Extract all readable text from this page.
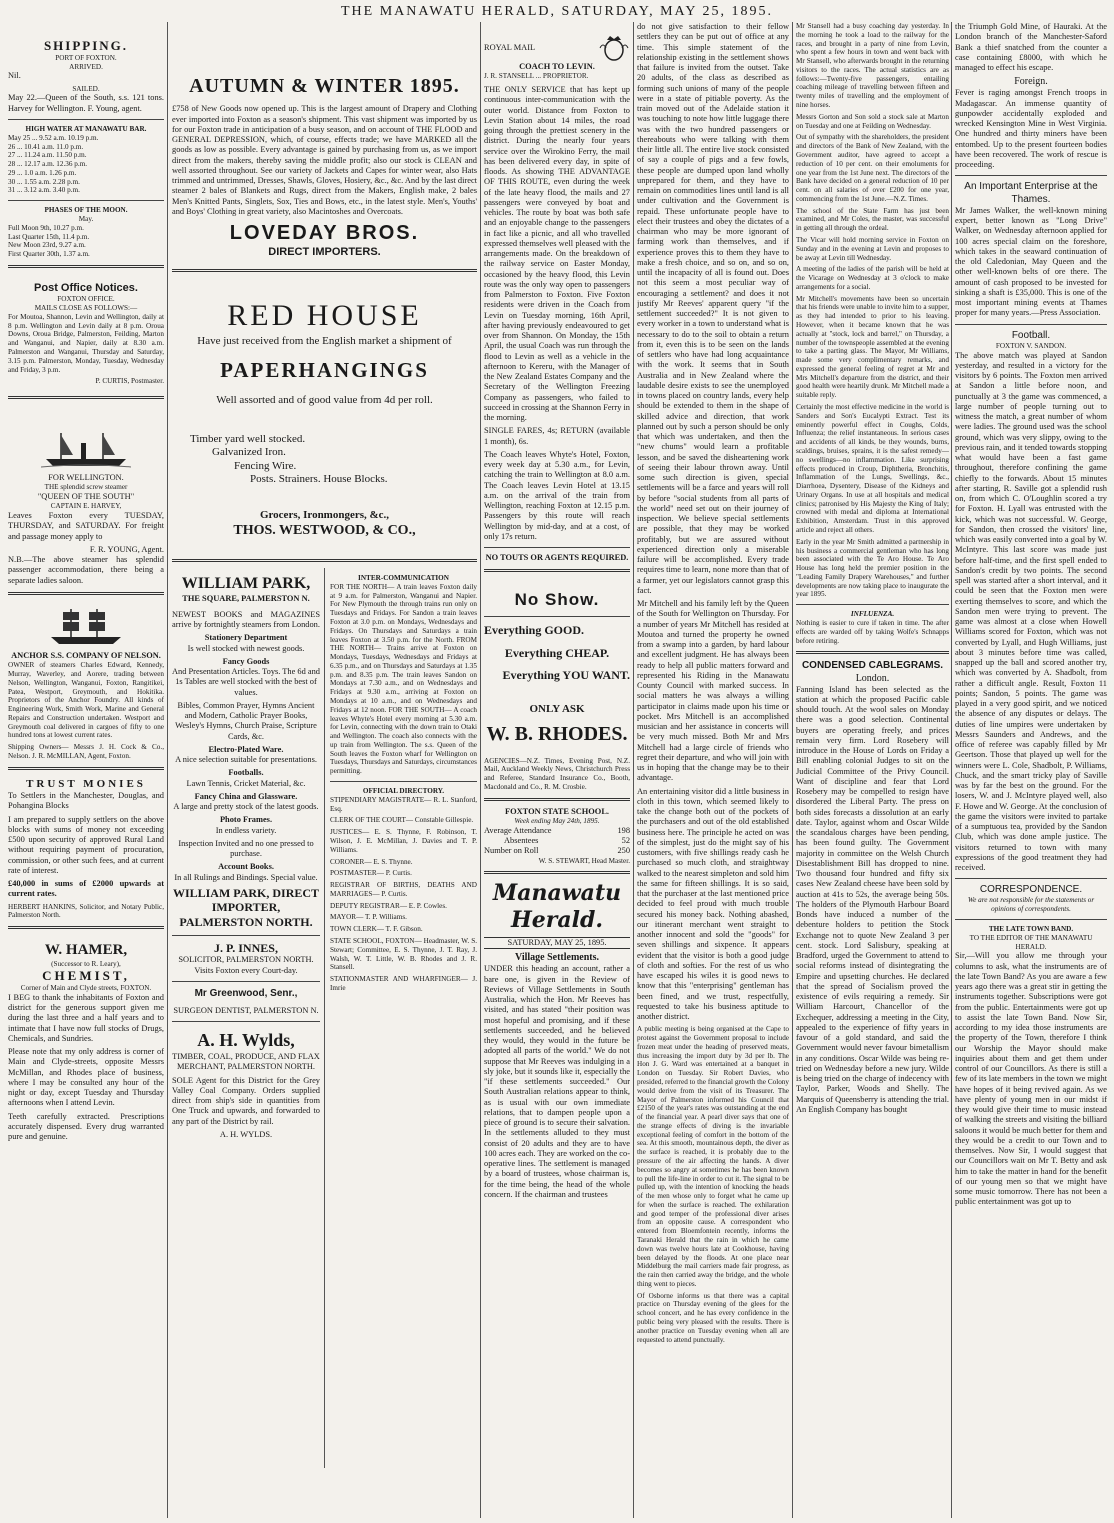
THE MANAWATU HERALD, SATURDAY, MAY 25, 1895.
SHIPPING.
PORT OF FOXTON.
ARRIVED.

Nil.

SAILED.

May 22.—Queen of the South, s.s. 121 tons. Harvey for Wellington. F. Young, agent.

HIGH WATER AT MANAWATU BAR.
May 25 ... 9.52 a.m. 10.19 p.m.
26 ... 10.41 a.m. 11.0 p.m.
27 ... 11.24 a.m. 11.50 p.m.
28 ... 12.17 a.m. 12.36 p.m.
29 ... 1.0 a.m. 1.26 p.m.
30 ... 1.55 a.m. 2.28 p.m.
31 ... 3.12 a.m. 3.40 p.m.
PHASES OF THE MOON.
May.
Full Moon 9th, 10.27 p.m.
Last Quarter 15th, 11.4 p.m.
New Moon 23rd, 9.27 a.m.
First Quarter 30th, 1.37 a.m.
Post Office Notices.
FOXTON OFFICE.
MAILS CLOSE AS FOLLOWS:—

For Moutoa, Shannon, Levin and Wellington, daily at 8 p.m. Wellington and Levin daily at 8 p.m. Oroua Downs, Oroua Bridge, Palmerston, Feilding, Marton and Wanganui, and Napier, daily at 8.30 a.m. Palmerston and Wanganui, Thursday and Saturday, 3.15 p.m. Palmerston, Monday, Tuesday, Wednesday and Friday, 3 p.m.

P. CURTIS, Postmaster.
FOR WELLINGTON.
THE splendid screw steamer
"QUEEN OF THE SOUTH"
CAPTAIN E. HARVEY,

Leaves Foxton every TUESDAY, THURSDAY, and SATURDAY. For freight and passage money apply to

F. R. YOUNG, Agent.

N.B.—The above steamer has splendid passenger accommodation, there being a separate ladies saloon.

ANCHOR S.S. COMPANY OF NELSON.

OWNER of steamers Charles Edward, Kennedy, Murray, Waverley, and Aorere, trading between Nelson, Wellington, Wanganui, Foxton, Rangitikei, Patea, Westport, Greymouth, and Hokitika. Proprietors of the Anchor Foundry. All kinds of Engineering Work, Smith Work, Marine and General Repairs and Construction undertaken. Westport and Greymouth coal delivered in cargoes of fifty to one hundred tons at lowest current rates.

Shipping Owners— Messrs J. H. Cock & Co., Nelson. J. R. McMILLAN, Agent, Foxton.

TRUST MONIES

To Settlers in the Manchester, Douglas, and Pohangina Blocks

I am prepared to supply settlers on the above blocks with sums of money not exceeding £500 upon security of approved Rural Land without requiring payment of procuration, commission, or other such fees, and at current rate of interest.

£40,000 in sums of £2000 upwards at current rates.

HERBERT HANKINS, Solicitor, and Notary Public, Palmerston North.

W. HAMER,
(Successor to R. Leary),
CHEMIST,
Corner of Main and Clyde streets, FOXTON.

I BEG to thank the inhabitants of Foxton and district for the generous support given me during the last three and a half years and to intimate that I have now full stocks of Drugs, Chemicals, and Sundries.

Please note that my only address is corner of Main and Clyde-streets, opposite Messrs McMillan, and Rhodes place of business, where I may be consulted any hour of the night or day, except Tuesday and Thursday afternoons when I attend Levin.

Teeth carefully extracted. Prescriptions accurately dispensed. Every drug warranted pure and genuine.

AUTUMN & WINTER 1895.

£758 of New Goods now opened up. This is the largest amount of Drapery and Clothing ever imported into Foxton as a season's shipment. This vast shipment was imported by us for our Foxton trade in anticipation of a busy season, and on account of THE FLOOD and GENERAL DEPRESSION, which, of course, effects trade; we have MARKED all the goods as low as possible. Every advantage is gained by purchasing from us, as we import direct from the makers, thereby saving the middle profit; also our stock is CLEAN and well assorted throughout. See our variety of Jackets and Capes for winter wear, also Hats trimmed and untrimmed, Dresses, Shawls, Gloves, Hosiery, &c., &c. And by the last direct steamer 2 bales of Blankets and Rugs, direct from the Makers, English make, 2 bales Men's Knitted Pants, Singlets, Sox, Ties and Bows, etc., in the latest style. Men's, Youths' and Boys' Clothing in great variety, also Macintoshes and Overcoats.

LOVEDAY BROS.
DIRECT IMPORTERS.
RED HOUSE
Have just received from the English market a shipment of
PAPERHANGINGS
Well assorted and of good value from 4d per roll.
Timber yard well stocked.
Galvanized Iron.
Fencing Wire.
Posts. Strainers. House Blocks.
Grocers, Ironmongers, &c.,
THOS. WESTWOOD, & CO.,
WILLIAM PARK,
THE SQUARE, PALMERSTON N.

NEWEST BOOKS and MAGAZINES arrive by fortnightly steamers from London.

Stationery Department

Is well stocked with newest goods.

Fancy Goods

And Presentation Articles. Toys. The 6d and 1s Tables are well stocked with the best of values.

Bibles, Common Prayer, Hymns Ancient and Modern, Catholic Prayer Books, Wesley's Hymns, Church Praise, Scripture Cards, &c.

Electro-Plated Ware.

A nice selection suitable for presentations.

Footballs.

Lawn Tennis, Cricket Material, &c.

Fancy China and Glassware.

A large and pretty stock of the latest goods.

Photo Frames.

In endless variety.

Inspection Invited and no one pressed to purchase.

Account Books.

In all Rulings and Bindings. Special value.

WILLIAM PARK, DIRECT IMPORTER, PALMERSTON NORTH.
J. P. INNES,

SOLICITOR, PALMERSTON NORTH. Visits Foxton every Court-day.

Mr Greenwood, Senr.,

SURGEON DENTIST, PALMERSTON N.

A. H. Wylds,

TIMBER, COAL, PRODUCE, AND FLAX MERCHANT, PALMERSTON NORTH.

SOLE Agent for this District for the Grey Valley Coal Company. Orders supplied direct from ship's side in quantities from One Truck and upwards, and forwarded to any part of the District by rail.

A. H. WYLDS.
INTER-COMMUNICATION

FOR THE NORTH— A train leaves Foxton daily at 9 a.m. for Palmerston, Wanganui and Napier. For New Plymouth the through trains run only on Tuesdays and Fridays. For Sandon a train leaves Foxton at 3.0 p.m. on Mondays, Wednesdays and Fridays. On Thursdays and Saturdays a train leaves Foxton at 3.50 p.m. for the North. FROM THE NORTH— Trains arrive at Foxton on Mondays, Tuesdays, Wednesdays and Fridays at 6.35 p.m., and on Thursdays and Saturdays at 1.35 p.m. and 8.35 p.m. The train leaves Sandon on Mondays at 7.30 a.m., and on Wednesdays and Fridays at 9.30 a.m., arriving at Foxton on Mondays at 10 a.m., and on Wednesdays and Fridays at 12 noon. FOR THE SOUTH— A coach leaves Whyte's Hotel every morning at 5.30 a.m. for Levin, connecting with the down train to Otaki and Wellington. The coach also connects with the up train from Wellington. The s.s. Queen of the South leaves the Foxton wharf for Wellington on Tuesdays, Thursdays and Saturdays, circumstances permitting.

OFFICIAL DIRECTORY.

STIPENDIARY MAGISTRATE— R. L. Stanford, Esq.

CLERK OF THE COURT— Constable Gillespie.

JUSTICES— E. S. Thynne, F. Robinson, T. Wilson, J. E. McMillan, J. Davies and T. P. Williams.

CORONER— E. S. Thynne.

POSTMASTER— P. Curtis.

REGISTRAR OF BIRTHS, DEATHS AND MARRIAGES— P. Curtis.

DEPUTY REGISTRAR— E. P. Cowles.

MAYOR— T. P. Williams.

TOWN CLERK— T. F. Gibson.

STATE SCHOOL, FOXTON— Headmaster, W. S. Stewart; Committee, E. S. Thynne, J. T. Ray, J. Walsh, W. T. Little, W. B. Rhodes and J. R. Stansell.

STATIONMASTER AND WHARFINGER— J. Imrie

ROYAL MAIL
COACH TO LEVIN.
J. R. STANSELL ... PROPRIETOR.

THE ONLY SERVICE that has kept up continuous inter-communication with the outer world. Distance from Foxton to Levin Station about 14 miles, the road going through the prettiest scenery in the district. During the nearly four years service over the Wirokino Ferry, the mail has been delivered every day, in spite of floods. As showing THE ADVANTAGE OF THIS ROUTE, even during the week of the late heavy flood, the mails and 27 passengers were conveyed by boat and vehicles. The route by boat was both safe and an enjoyable change to the passengers in fact like a picnic, and all who travelled expressed themselves well pleased with the arrangements made. On the breakdown of the railway service on Easter Monday, occasioned by the heavy flood, this Levin route was the only way open to passengers from Palmerston to Foxton. Five Foxton residents were driven in the Coach from Levin on Tuesday morning, 16th April, after having previously endeavoured to get over from Shannon. On Monday, the 15th April, the usual Coach was run through the flood to Levin as well as a vehicle in the afternoon to Kereru, with the Manager of the New Zealand Estates Company and the Secretary of the Wellington Freezing Company as passengers, who failed to succeed in crossing at the Shannon Ferry in the morning.

SINGLE FARES, 4s; RETURN (available 1 month), 6s.

The Coach leaves Whyte's Hotel, Foxton, every week day at 5.30 a.m., for Levin, catching the train to Wellington at 8.0 a.m. The Coach leaves Levin Hotel at 13.15 a.m. on the arrival of the train from Wellington, reaching Foxton at 12.15 p.m. Passengers by this route will reach Wellington by mid-day, and at a cost, of only 17s return.

NO TOUTS OR AGENTS REQUIRED.
No Show.
Everything GOOD.
Everything CHEAP.
Everything YOU WANT.
ONLY ASK
W. B. RHODES.

AGENCIES—N.Z. Times, Evening Post, N.Z. Mail, Auckland Weekly News, Christchurch Press and Referee, Standard Insurance Co., Booth, Macdonald and Co., R. M. Crosbie.

FOXTON STATE SCHOOL.
Week ending May 24th, 1895.
Average Attendance	198
Absentees	52
Number on Roll	250
W. S. STEWART, Head Master.
Manawatu Herald.
SATURDAY, MAY 25, 1895.
Village Settlements.

UNDER this heading an account, rather a bare one, is given in the Review of Reviews of Village Settlements in South Australia, which the Hon. Mr Reeves has visited, and has stated "their position was most hopeful and promising, and if these settlements succeeded, and he believed they would, they would in the future be adopted all parts of the world." We do not suppose that Mr Reeves was indulging in a sly joke, but it sounds like it, especially the "if these settlements succeeded." Our South Australian relations appear to think, as is usual with our own immediate relations, that to dampen people upon a piece of ground is to secure their salvation. In the settlements alluded to they must consist of 20 adults and they are to have 100 acres each. They are worked on the co-operative lines. The settlement is managed by a board of trustees, whose chairman is, for the time being, the head of the whole concern. If the chairman and trustees

do not give satisfaction to their fellow settlers they can be put out of office at any time. This simple statement of the relationship existing in the settlement shows that failure is invited from the outset. Take 20 adults, of the class as described as forming such unions of many of the people were in a state of pitiable poverty. As the train moved out of the Adelaide station it was touching to note how little luggage there was with the two hundred passengers or thereabouts who were talking with them their little all. The entire live stock consisted of say a couple of pigs and a few fowls, these people are dumped upon land wholly unprepared for them, and they have to remain on commodities lines until land is all under cultivation and the Government is repaid. These unfortunate people have to elect their trustees and obey the dictates of a chairman who may be more ignorant of farming work than themselves, and if experience proves this to them they have to make a fresh choice, and so on, and so on, until the incapacity of all is found out. Does not this seem a most peculiar way of encouraging a settlement? and does it not justify Mr Reeves' apparent query "if the settlement succeeded?" It is not given to every worker in a town to understand what is necessary to do to the soil to obtain a return from it, even this is to be seen on the lands of settlers who have had long acquaintance with the work. It seems that in South Australia and in New Zealand where the laudable desire exists to see the unemployed in towns placed on country lands, every help should be extended to them in the shape of skilled advice and direction, that work planned out by such a person should be only that which was undertaken, and then the "new chums" would learn a profitable lesson, and be saved the disheartening work of seeing their labour thrown away. Until some such direction is given, special settlements will be a farce and years will roll by before "social students from all parts of the world" need set out on their journey of inspection. We believe special settlements are possible, that they may be worked profitably, but we are assured without experienced direction only a miserable failure will be accomplished. Every trade requires time to learn, none more than that of a farmer, yet our legislators cannot grasp this fact.

Mr Mitchell and his family left by the Queen of the South for Wellington on Thursday. For a number of years Mr Mitchell has resided at Moutoa and turned the property he owned from a swamp into a garden, by hard labour and excellent judgment. He has always been ready to help all public matters forward and represented his Riding in the Manawatu County Council with marked success. In social matters he was always a willing participator in claims made upon his time or pocket. Mrs Mitchell is an accomplished musician and her assistance in concerts will be very much missed. Both Mr and Mrs Mitchell had a large circle of friends who regret their departure, and who will join with us in hoping that the change may be to their advantage.

An entertaining visitor did a little business in cloth in this town, which seemed likely to take the change both out of the pockets of the purchasers and out of the old established business here. The principle he acted on was of the simplest, just do the might say of his customers, with five shillings ready cash he purchased so much cloth, and straightway walked to the nearest simpleton and sold him the same for fifteen shillings. It is so said, that the purchaser at the last mentioned price decided to feel proud with much trouble secured his money back. Nothing abashed, our itinerant merchant went straight to another innocent and sold the "goods" for seven shillings and sixpence. It appears evident that the visitor is both a good judge of cloth and softies. For the rest of us who have escaped his wiles it is good news to know that this "enterprising" gentleman has been fined, and we trust, respectfully, requested to take his business aptitude to another district.

A public meeting is being organised at the Cape to protest against the Government proposal to include frozen meat under the heading of preserved meats, thus increasing the import duty by 3d per lb. The Hon J. G. Ward was entertained at a banquet in London on Tuesday. Sir Robert Davies, who presided, referred to the financial growth the Colony would derive from the visit of its Treasurer. The Mayor of Palmerston informed his Council that £2150 of the year's rates was outstanding at the end of the financial year. A pearl diver says that one of the strange effects of diving is the invariable exceptional feeling of comfort in the bottom of the sea. At this smooth, mountainous depth, the diver as the surface is reached, it is probably due to the pressure of the air affecting the hands. A diver becomes so angry at sometimes he has been known to pull the life-line in order to cut it. The signal to be pulled up, with the intention of knocking the heads of the men whose only to forget what he came up for when the surface is reached. The exhilaration and good temper of the professional diver arises from an opposite cause. A correspondent who entered from Bloemfontein recently, informs the Taranaki Herald that the rain in which he came down was twelve hours late at Cookhouse, having been delayed by the floods. At one place near Middelburg the mail carriers made fair progress, as the rain then carried away the bridge, and the whole thing went to pieces.

Of Osborne informs us that there was a capital practice on Thursday evening of the glees for the school concert, and he has every confidence in the public being very pleased with the results. There is another practice on Tuesday evening when all are requested to attend punctually.

Mr Stansell had a busy coaching day yesterday. In the morning he took a load to the railway for the races, and brought in a party of nine from Levin, who spent a few hours in town and went back with Mr Stansell, who afterwards brought in the returning visitors to the races. The actual statistics are as follows:—Twenty-five passengers, entailing coaching mileage of travelling between fifteen and twenty miles of travelling and the employment of nine horses.

Messrs Gorton and Son sold a stock sale at Marton on Tuesday and one at Feilding on Wednesday.

Out of sympathy with the shareholders, the president and directors of the Bank of New Zealand, with the Government auditor, have agreed to accept a reduction of 10 per cent. on their emoluments for one year from the 1st June next. The directors of the Bank have decided on a general reduction of 10 per cent. on all salaries of over £200 for one year, commencing from the 1st June.—N.Z. Times.

The school of the State Farm has just been examined, and Mr Coles, the master, was successful in getting all through the ordeal.

The Vicar will hold morning service in Foxton on Sunday and in the evening at Levin and proposes to be away at Levin till Wednesday.

A meeting of the ladies of the parish will be held at the Vicarage on Wednesday at 3 o'clock to make arrangements for a social.

Mr Mitchell's movements have been so uncertain that his friends were unable to invite him to a supper, as they had intended to prior to his leaving. However, when it became known that he was actually at "stock, lock and barrel," on Thursday, a number of the townspeople assembled at the evening to take a parting glass. The Mayor, Mr Williams, made some very complimentary remarks, and expressed the general feeling of regret at Mr and Mrs Mitchell's departure from the district, and their good health were heartily drunk. Mr Mitchell made a suitable reply.

Certainly the most effective medicine in the world is Sanders and Son's Eucalypti Extract. Test its eminently powerful effect in Coughs, Colds, Influenza; the relief instantaneous. In serious cases and accidents of all kinds, be they wounds, burns, scaldings, bruises, sprains, it is the safest remedy—no swellings—no inflammation. Like surprising effects produced in Croup, Diphtheria, Bronchitis, Inflammation of the Lungs, Swellings, &c., Diarrhoea, Dysentery, Disease of the Kidneys and Urinary Organs. In use at all hospitals and medical clinics; patronised by His Majesty the King of Italy; crowned with medal and diploma at International Exhibition, Amsterdam. Trust in this approved article and reject all others.

Early in the year Mr Smith admitted a partnership in his business a commercial gentleman who has long been associated with the Te Aro House. Te Aro House has long held the premier position in the "Leading Family Drapery Warehouses," and further developments are now taking place to inaugurate the year 1895.

INFLUENZA.

Nothing is easier to cure if taken in time. The after effects are warded off by taking Wolfe's Schnapps before retiring.

CONDENSED CABLEGRAMS.
London.

Fanning Island has been selected as the station at which the proposed Pacific cable should touch. At the wool sales on Monday there was a good selection. Continental buyers are operating freely, and prices remain very firm. Lord Rosebery will introduce in the House of Lords on Friday a Bill enabling colonial Judges to sit on the Judicial Committee of the Privy Council. Want of discipline and fear that Lord Rosebery may be compelled to resign have disordered the Liberal Party. The press on both sides forecasts a dissolution at an early date. Taylor, against whom and Oscar Wilde the scandalous charges have been pending, has been found guilty. The Government majority in committee on the Welsh Church Disestablishment Bill has dropped to nine. Two thousand four hundred and fifty six cases New Zealand cheese have been sold by auction at 41s to 52s, the average being 50s. The holders of the Plymouth Harbour Board Bonds have induced a number of the debenture holders to petition the Stock Exchange not to quote New Zealand 3 per cent. stock. Lord Salisbury, speaking at Bradford, urged the Government to attend to social reforms instead of disintegrating the Empire and upsetting churches. He declared that the spread of Socialism proved the existence of evils requiring a remedy. Sir William Harcourt, Chancellor of the Exchequer, addressing a meeting in the City, appealed to the experience of fifty years in favour of a gold standard, and said the Government would never favour bimetallism in any conditions. Oscar Wilde was being re-tried on Wednesday before a new jury. Wilde is being tried on the charge of indecency with Taylor, Parker, Woods and Shelly. The Marquis of Queensberry is attending the trial. An English Company has bought

the Triumph Gold Mine, of Hauraki. At the London branch of the Manchester-Saford Bank a thief snatched from the counter a case containing £8000, with which he managed to effect his escape.

Foreign.

Fever is raging amongst French troops in Madagascar. An immense quantity of gunpowder accidentally exploded and wrecked Kensington Mine in West Virginia. One hundred and thirty miners have been entombed. Up to the present fourteen bodies have been recovered. The work of rescue is proceeding.

An Important Enterprise at the Thames.

Mr James Walker, the well-known mining expert, better known as "Long Drive" Walker, on Wednesday afternoon applied for 100 acres special claim on the foreshore, which takes in the seaward continuation of the old Caledonian, May Queen and the other well-known belts of ore there. The amount of cash proposed to be invested for sinking a shaft is £35,000. This is one of the most important mining events at Thames proper for many years.—Press Association.

Football.
FOXTON V. SANDON.

The above match was played at Sandon yesterday, and resulted in a victory for the visitors by 6 points. The Foxton men arrived at Sandon a little before noon, and punctually at 3 the game was commenced, a large number of people turning out to witness the match, a great number of whom were ladies. The ground used was the school ground, which was very slippy, owing to the previous rain, and it tended towards stopping what would have been a fast game throughout, therefore confining the game chiefly to the forwards. About 15 minutes after starting, R. Saville got a splendid rush on, from which C. O'Loughlin scored a try for Foxton. H. Lyall was entrusted with the kick, which was not successful. W. George, for Sandon, then crossed the visitors' line, which was easily converted into a goal by W. McIntyre. This last score was made just before half-time, and the first spell ended to Sandon's credit by two points. The second spell was started after a short interval, and it could be seen that the Foxton men were exerting themselves to score, and which the Sandon men were trying to prevent. The game was almost at a close when Howell Williams scored for Foxton, which was not converted by Lyall, and Hugh Williams, just about 3 minutes before time was called, snapped up the ball and scored another try, which was converted by A. Shadbolt, from rather a difficult angle. Result, Foxton 11 points; Sandon, 5 points. The game was played in a very good spirit, and we noticed the absence of any disputes or delays. The duties of line umpires were undertaken by Messrs Saunders and Andrews, and the office of referee was capably filled by Mr Geertson. Those that played up well for the winners were L. Cole, Shadbolt, P. Williams, Chuck, and the smart tricky play of Saville was by far the best on the ground. For the losers, W. and J. McIntyre played well, also F. Howe and W. George. At the conclusion of the game the visitors were invited to partake of a sumptuous tea, provided by the Sandon Club, which was done ample justice. The visitors returned to town with many expressions of the good treatment they had received.

CORRESPONDENCE.
We are not responsible for the statements or opinions of correspondents.
THE LATE TOWN BAND.
TO THE EDITOR OF THE MANAWATU HERALD.

Sir,—Will you allow me through your columns to ask, what the instruments are of the late Town Band? As you are aware a few years ago there was a great stir in getting the instruments together. Subscriptions were got from the public. Entertainments were got up to assist the late Town Band. Now Sir, according to my idea those instruments are the property of the Town, therefore I think our Worship the Mayor should make inquiries about them and get them under control of our Councillors. As there is still a few of its late members in the town we might have hopes of it being revived again. As we have plenty of young men in our midst if they would give their time to music instead of walking the streets and visiting the billiard saloons it would be much better for them and they would be a credit to our Town and to themselves. Now Sir, I would suggest that our Councillors wait on Mr T. Betty and ask him to take the matter in hand for the benefit of our young men so that we might have some music tomorrow. There has not been a public entertainment was got up to
